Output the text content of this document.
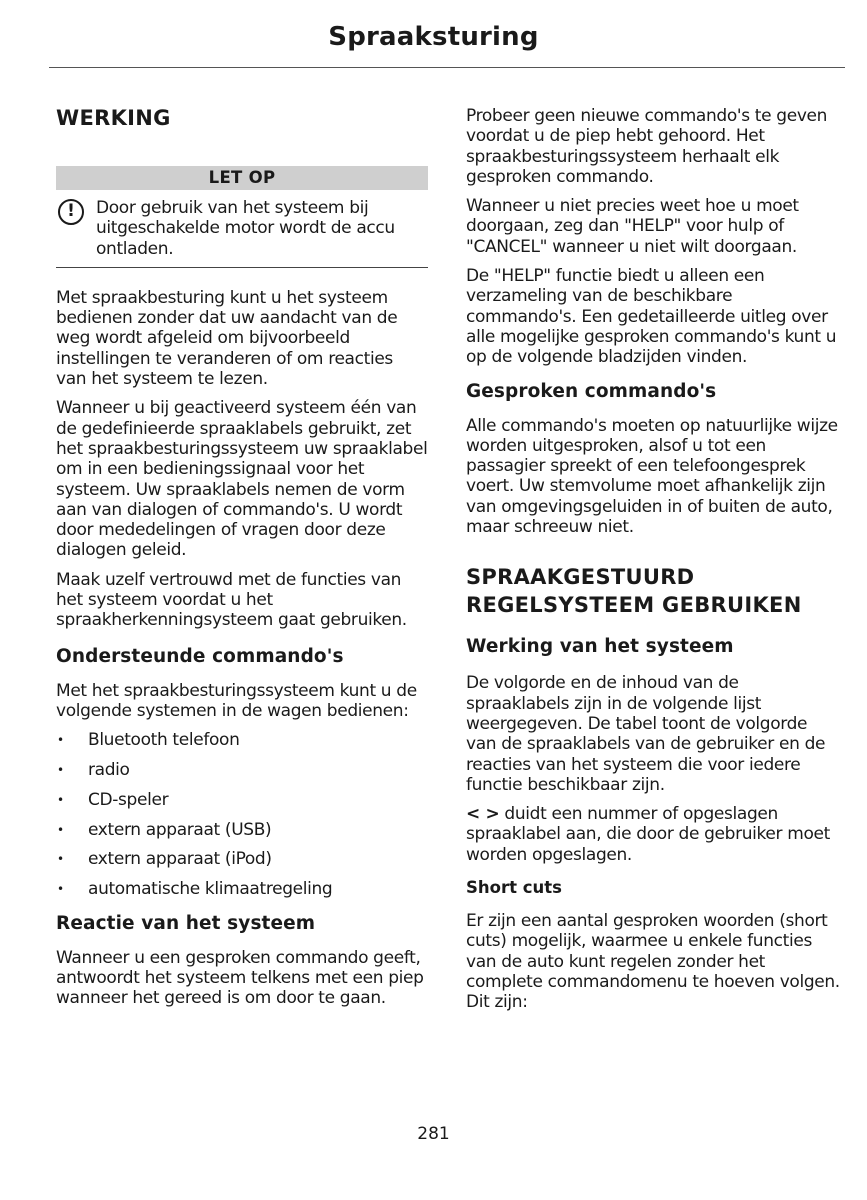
Spraaksturing
WERKING
LET OP
!	Door gebruik van het systeem bij uitgeschakelde motor wordt de accu ontladen.

Met spraakbesturing kunt u het systeem bedienen zonder dat uw aandacht van de weg wordt afgeleid om bijvoorbeeld instellingen te veranderen of om reacties van het systeem te lezen.

Wanneer u bij geactiveerd systeem één van de gedefinieerde spraaklabels gebruikt, zet het spraakbesturingssysteem uw spraaklabel om in een bedieningssignaal voor het systeem. Uw spraaklabels nemen de vorm aan van dialogen of commando's. U wordt door mededelingen of vragen door deze dialogen geleid.

Maak uzelf vertrouwd met de functies van het systeem voordat u het spraakherkenningsysteem gaat gebruiken.

Ondersteunde commando's

Met het spraakbesturingssysteem kunt u de volgende systemen in de wagen bedienen:

• Bluetooth telefoon
• radio
• CD-speler
• extern apparaat (USB)
• extern apparaat (iPod)
• automatische klimaatregeling
Reactie van het systeem

Wanneer u een gesproken commando geeft, antwoordt het systeem telkens met een piep wanneer het gereed is om door te gaan.

Probeer geen nieuwe commando's te geven voordat u de piep hebt gehoord. Het spraakbesturingssysteem herhaalt elk gesproken commando.

Wanneer u niet precies weet hoe u moet doorgaan, zeg dan "HELP" voor hulp of "CANCEL" wanneer u niet wilt doorgaan.

De "HELP" functie biedt u alleen een verzameling van de beschikbare commando's. Een gedetailleerde uitleg over alle mogelijke gesproken commando's kunt u op de volgende bladzijden vinden.

Gesproken commando's

Alle commando's moeten op natuurlijke wijze worden uitgesproken, alsof u tot een passagier spreekt of een telefoongesprek voert. Uw stemvolume moet afhankelijk zijn van omgevingsgeluiden in of buiten de auto, maar schreeuw niet.

SPRAAKGESTUURD REGELSYSTEEM GEBRUIKEN
Werking van het systeem

De volgorde en de inhoud van de spraaklabels zijn in de volgende lijst weergegeven. De tabel toont de volgorde van de spraaklabels van de gebruiker en de reacties van het systeem die voor iedere functie beschikbaar zijn.

< > duidt een nummer of opgeslagen spraaklabel aan, die door de gebruiker moet worden opgeslagen.

Short cuts

Er zijn een aantal gesproken woorden (short cuts) mogelijk, waarmee u enkele functies van de auto kunt regelen zonder het complete commandomenu te hoeven volgen. Dit zijn:

281
